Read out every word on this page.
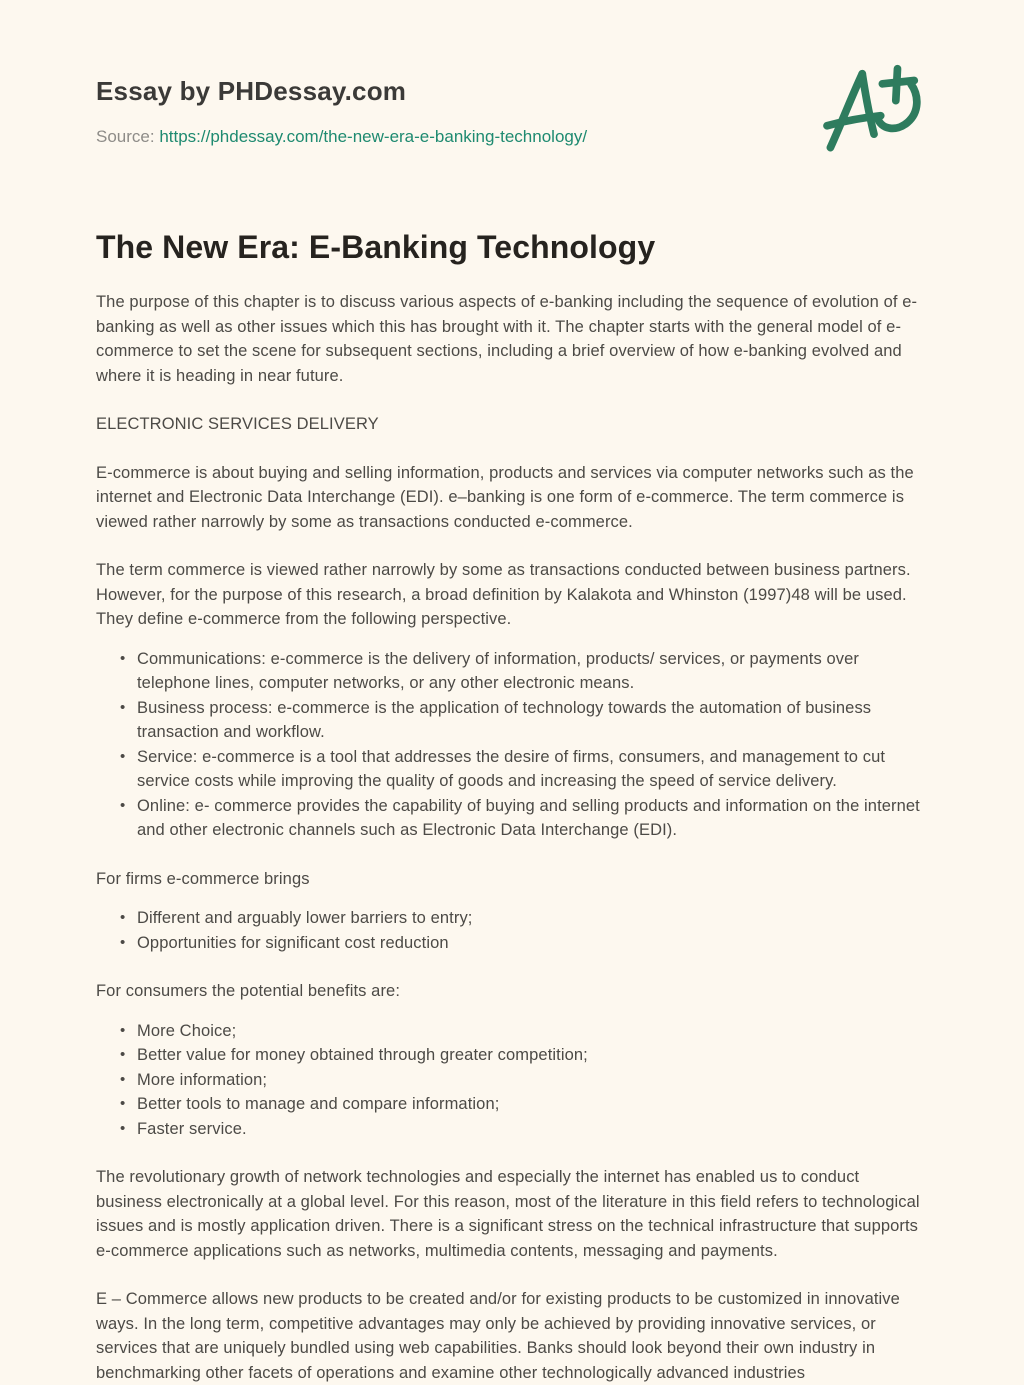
Essay by PHDessay.com
Source: https://phdessay.com/the-new-era-e-banking-technology/
The New Era: E-Banking Technology

The purpose of this chapter is to discuss various aspects of e-banking including the sequence of evolution of e-banking as well as other issues which this has brought with it. The chapter starts with the general model of e-commerce to set the scene for subsequent sections, including a brief overview of how e-banking evolved and where it is heading in near future.

ELECTRONIC SERVICES DELIVERY

E-commerce is about buying and selling information, products and services via computer networks such as the internet and Electronic Data Interchange (EDI). e–banking is one form of e-commerce. The term commerce is viewed rather narrowly by some as transactions conducted e-commerce.

The term commerce is viewed rather narrowly by some as transactions conducted between business partners. However, for the purpose of this research, a broad definition by Kalakota and Whinston (1997)48 will be used. They define e-commerce from the following perspective.

• Communications: e-commerce is the delivery of information, products/ services, or payments over telephone lines, computer networks, or any other electronic means.
• Business process: e-commerce is the application of technology towards the automation of business transaction and workflow.
• Service: e-commerce is a tool that addresses the desire of firms, consumers, and management to cut service costs while improving the quality of goods and increasing the speed of service delivery.
• Online: e- commerce provides the capability of buying and selling products and information on the internet and other electronic channels such as Electronic Data Interchange (EDI).

For firms e-commerce brings

• Different and arguably lower barriers to entry;
• Opportunities for significant cost reduction

For consumers the potential benefits are:

• More Choice;
• Better value for money obtained through greater competition;
• More information;
• Better tools to manage and compare information;
• Faster service.

The revolutionary growth of network technologies and especially the internet has enabled us to conduct business electronically at a global level. For this reason, most of the literature in this field refers to technological issues and is mostly application driven. There is a significant stress on the technical infrastructure that supports e-commerce applications such as networks, multimedia contents, messaging and payments.

E – Commerce allows new products to be created and/or for existing products to be customized in innovative ways. In the long term, competitive advantages may only be achieved by providing innovative services, or services that are uniquely bundled using web capabilities. Banks should look beyond their own industry in benchmarking other facets of operations and examine other technologically advanced industries
